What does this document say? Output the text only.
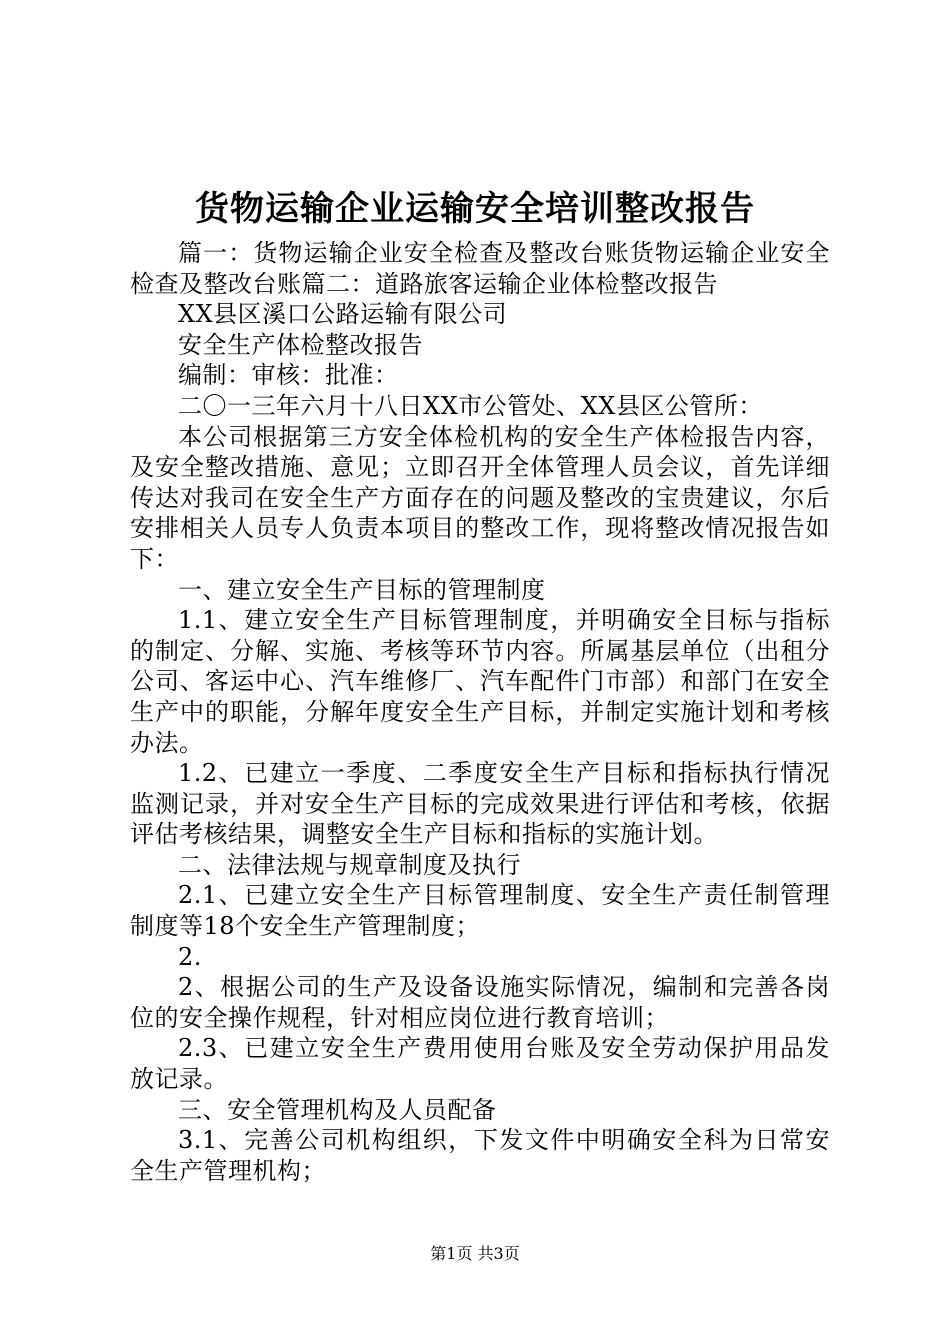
货物运输企业运输安全培训整改报告

篇一：货物运输企业安全检查及整改台账货物运输企业安全检查及整改台账篇二：道路旅客运输企业体检整改报告

XX县区溪口公路运输有限公司

安全生产体检整改报告

编制：审核：批准：

二〇一三年六月十八日XX市公管处、XX县区公管所：

本公司根据第三方安全体检机构的安全生产体检报告内容，及安全整改措施、意见；立即召开全体管理人员会议，首先详细传达对我司在安全生产方面存在的问题及整改的宝贵建议，尔后安排相关人员专人负责本项目的整改工作，现将整改情况报告如下：

一、建立安全生产目标的管理制度

1.1、建立安全生产目标管理制度，并明确安全目标与指标的制定、分解、实施、考核等环节内容。所属基层单位（出租分公司、客运中心、汽车维修厂、汽车配件门市部）和部门在安全生产中的职能，分解年度安全生产目标，并制定实施计划和考核办法。

1.2、已建立一季度、二季度安全生产目标和指标执行情况监测记录，并对安全生产目标的完成效果进行评估和考核，依据评估考核结果，调整安全生产目标和指标的实施计划。

二、法律法规与规章制度及执行

2.1、已建立安全生产目标管理制度、安全生产责任制管理制度等18个安全生产管理制度；

2.

2、根据公司的生产及设备设施实际情况，编制和完善各岗位的安全操作规程，针对相应岗位进行教育培训；

2.3、已建立安全生产费用使用台账及安全劳动保护用品发放记录。

三、安全管理机构及人员配备

3.1、完善公司机构组织，下发文件中明确安全科为日常安全生产管理机构；

第1页 共3页
